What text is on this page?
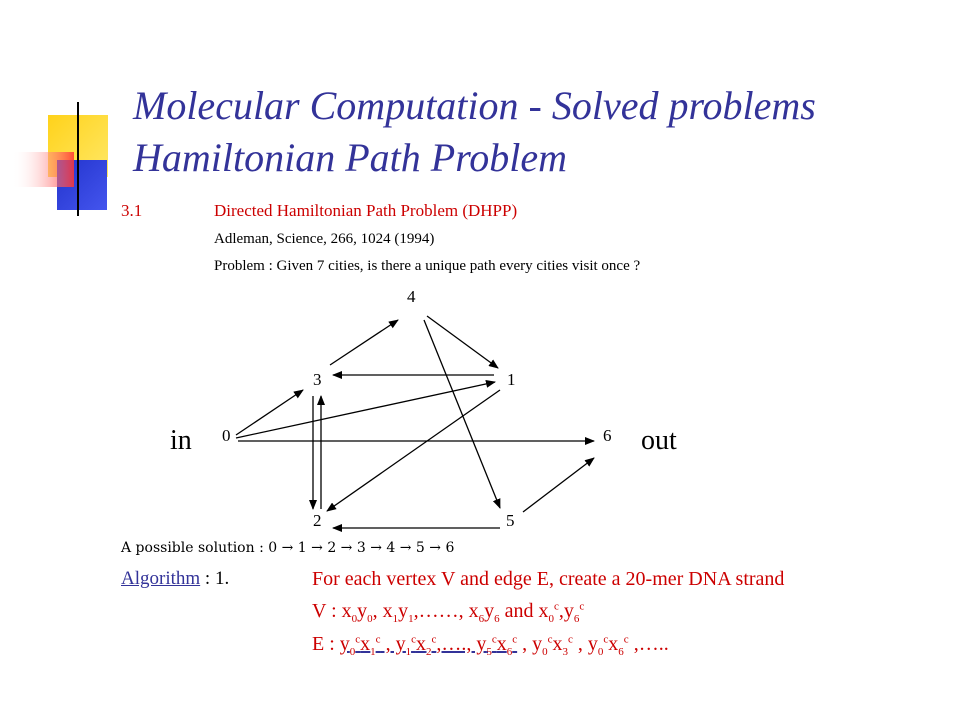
Molecular Computation - Solved problems
Hamiltonian Path Problem
3.1	Directed Hamiltonian Path Problem (DHPP)
Adleman, Science, 266, 1024 (1994)
Problem : Given 7 cities, is there a unique path every cities visit once ?
4
3	1
0	6
2	5
in	out
A possible solution : 0 → 1 → 2 → 3 → 4 → 5 → 6
Algorithm : 1.	For each vertex V and edge E, create a 20-mer DNA strand
V : $x_0y_0$, $x_1y_1,\dots\dots$, $x_6y_6$ and $x_0^c,y_6^c$
E : $y_0^cx_1^c$ , $y_1^cx_2^c,\dots$., $y_5^cx_6^c$ , $y_0^cx_3^c$ , $y_0^cx_6^c$ ,…..
